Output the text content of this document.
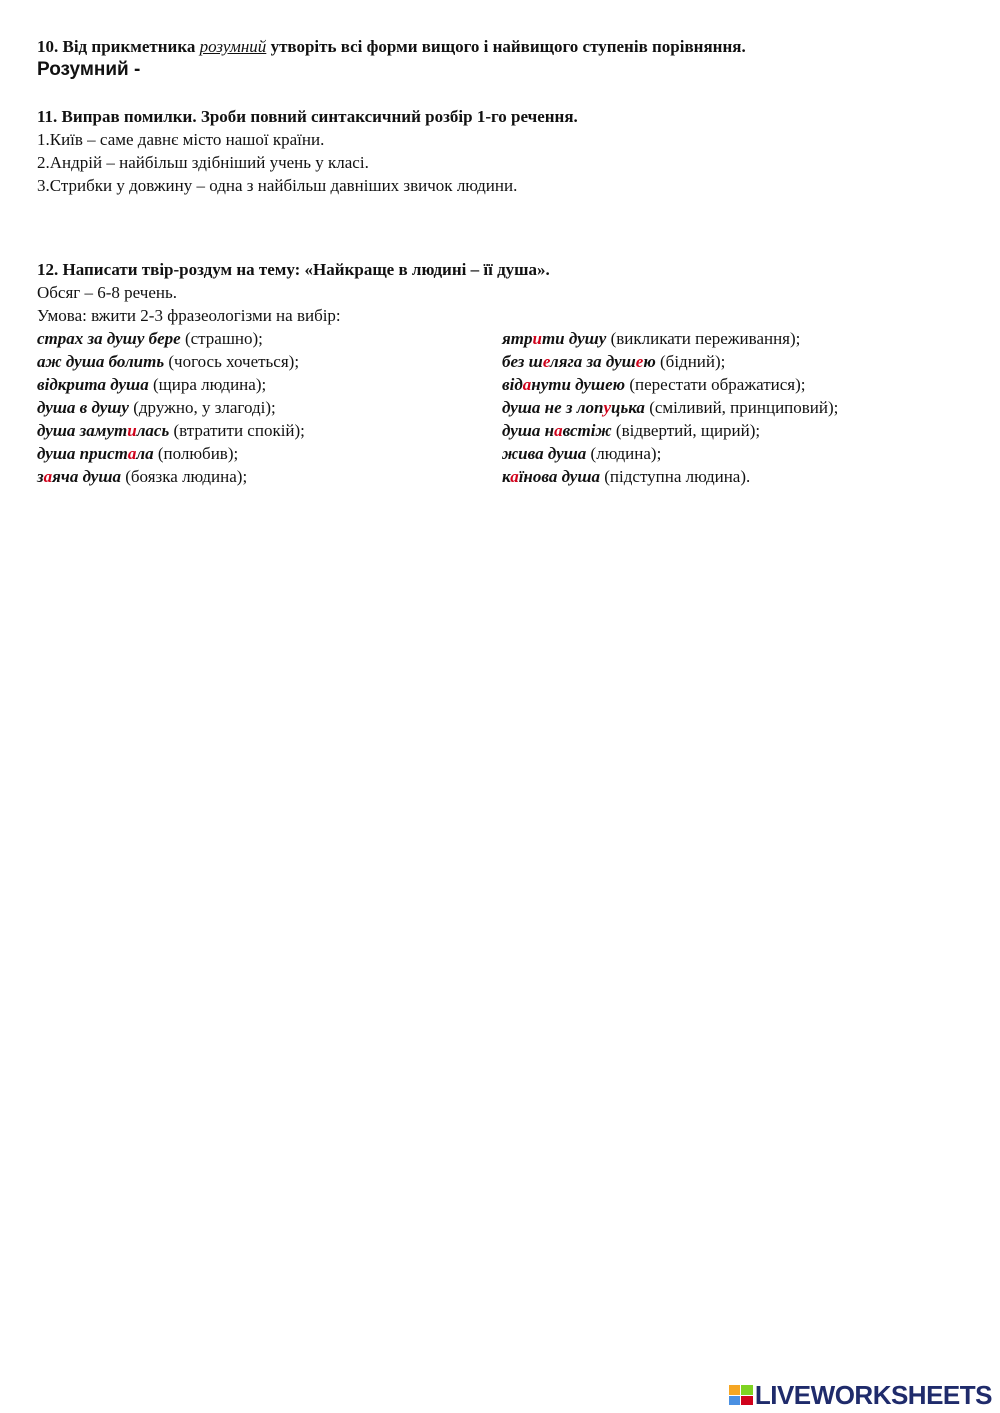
10. Від прикметника розумний утворіть всі форми вищого і найвищого ступенів порівняння.

Розумний -

11. Виправ помилки. Зроби повний синтаксичний розбір 1-го речення.

1.Київ – саме давнє місто нашої країни.

2.Андрій – найбільш здібніший учень у класі.

3.Стрибки у довжину – одна з найбільш давніших звичок людини.

12. Написати твір-роздум на тему: «Найкраще в людині – її душа».

Обсяг – 6-8 речень.

Умова: вжити 2-3 фразеологізми на вибір:

страх за душу бере (страшно);
аж душа болить (чогось хочеться);
відкрита душа (щира людина);
душа в душу (дружно, у злагоді);
душа замутилась (втратити спокій);
душа пристала (полюбив);
заяча душа (боязка людина);
ятрити душу (викликати переживання);
без шеляга за душею (бідний);
віданути душею (перестати ображатися);
душа не з лопуцька (сміливий, принциповий);
душа навстіж (відвертий, щирий);
жива душа (людина);
каїнова душа (підступна людина).
LIVEWORKSHEETS
